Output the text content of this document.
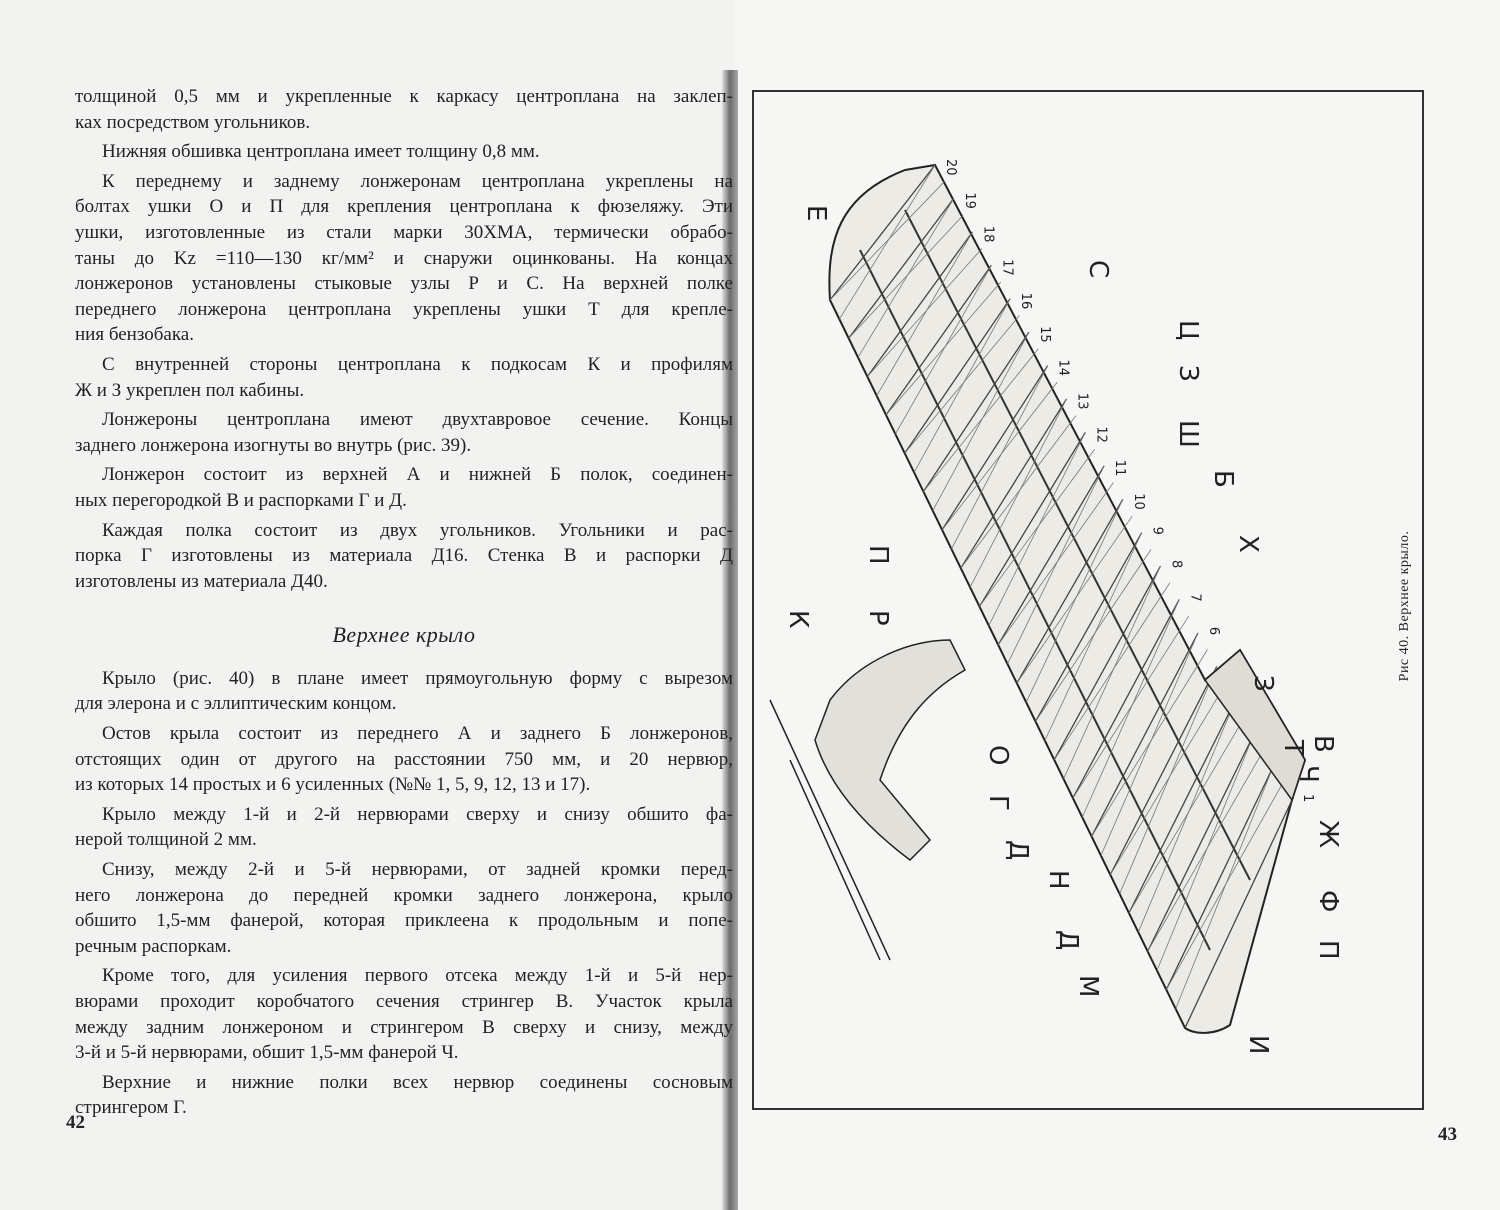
толщиной 0,5 мм и укрепленные к каркасу центроплана на заклеп-
ках посредством угольников.
Нижняя обшивка центроплана имеет толщину 0,8 мм.
К переднему и заднему лонжеронам центроплана укреплены на
болтах ушки О и П для крепления центроплана к фюзеляжу. Эти
ушки, изготовленные из стали марки 30ХМА, термически обрабо-
таны до Kz =110—130 кг/мм² и снаружи оцинкованы. На концах
лонжеронов установлены стыковые узлы Р и С. На верхней полке
переднего лонжерона центроплана укреплены ушки Т для крепле-
ния бензобака.
С внутренней стороны центроплана к подкосам К и профилям
Ж и З укреплен пол кабины.
Лонжероны центроплана имеют двухтавровое сечение. Концы
заднего лонжерона изогнуты во внутрь (рис. 39).
Лонжерон состоит из верхней А и нижней Б полок, соединен-
ных перегородкой В и распорками Г и Д.
Каждая полка состоит из двух угольников. Угольники и рас-
порка Г изготовлены из материала Д16. Стенка В и распорки Д
изготовлены из материала Д40.
Верхнее крыло
Крыло (рис. 40) в плане имеет прямоугольную форму с вырезом
для элерона и с эллиптическим концом.
Остов крыла состоит из переднего А и заднего Б лонжеронов,
отстоящих один от другого на расстоянии 750 мм, и 20 нервюр,
из которых 14 простых и 6 усиленных (№№ 1, 5, 9, 12, 13 и 17).
Крыло между 1-й и 2-й нервюрами сверху и снизу обшито фа-
нерой толщиной 2 мм.
Снизу, между 2-й и 5-й нервюрами, от задней кромки перед-
него лонжерона до передней кромки заднего лонжерона, крыло
обшито 1,5-мм фанерой, которая приклеена к продольным и попе-
речным распоркам.
Кроме того, для усиления первого отсека между 1-й и 5-й нер-
вюрами проходит коробчатого сечения стрингер В. Участок крыла
между задним лонжероном и стрингером В сверху и снизу, между
3-й и 5-й нервюрами, обшит 1,5-мм фанерой Ч.
Верхние и нижние полки всех нервюр соединены сосновым
стрингером Г.
42
43
Рис 40. Верхнее крыло.
20
19
18
17
16
15
14
13
12
11
10
9
8
7
6
1
Е
С
Ц
З
Ш
Б
Х
З
Т
Ч
В
Ж
Ф
П
И
М
Д
Н
Д
Г
О
Р
П
К
